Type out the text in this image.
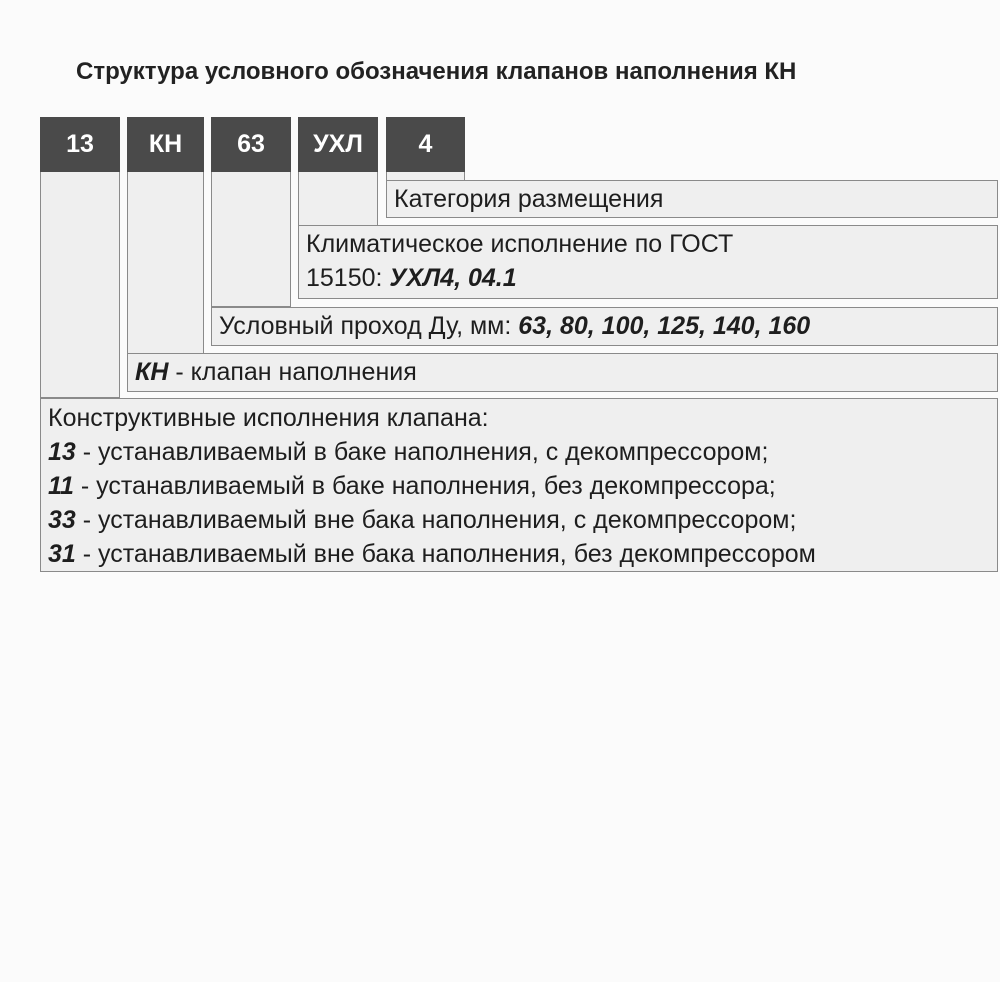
Структура условного обозначения клапанов наполнения КН
13	КН	63	УХЛ	4
Категория размещения
Климатическое исполнение по ГОСТ
15150: УХЛ4, 04.1
Условный проход Ду, мм: 63, 80, 100, 125, 140, 160
КН - клапан наполнения
Конструктивные исполнения клапана:
13 - устанавливаемый в баке наполнения, с декомпрессором;
11 - устанавливаемый в баке наполнения, без декомпрессора;
33 - устанавливаемый вне бака наполнения, с декомпрессором;
31 - устанавливаемый вне бака наполнения, без декомпрессором
